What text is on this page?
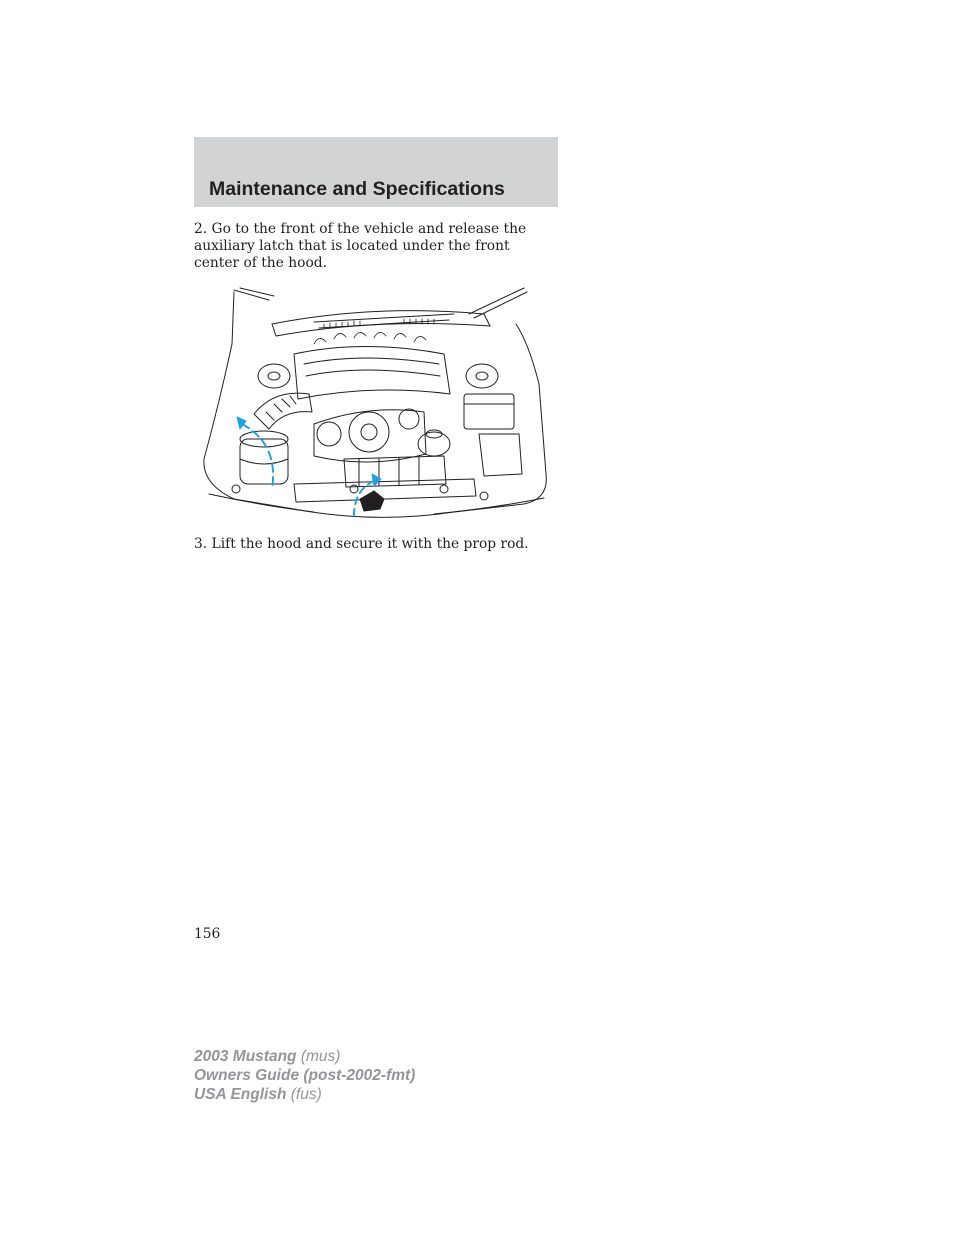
Maintenance and Specifications

2. Go to the front of the vehicle and release the auxiliary latch that is located under the front center of the hood.

3. Lift the hood and secure it with the prop rod.

156

2003 Mustang (mus)
Owners Guide (post-2002-fmt)
USA English (fus)
